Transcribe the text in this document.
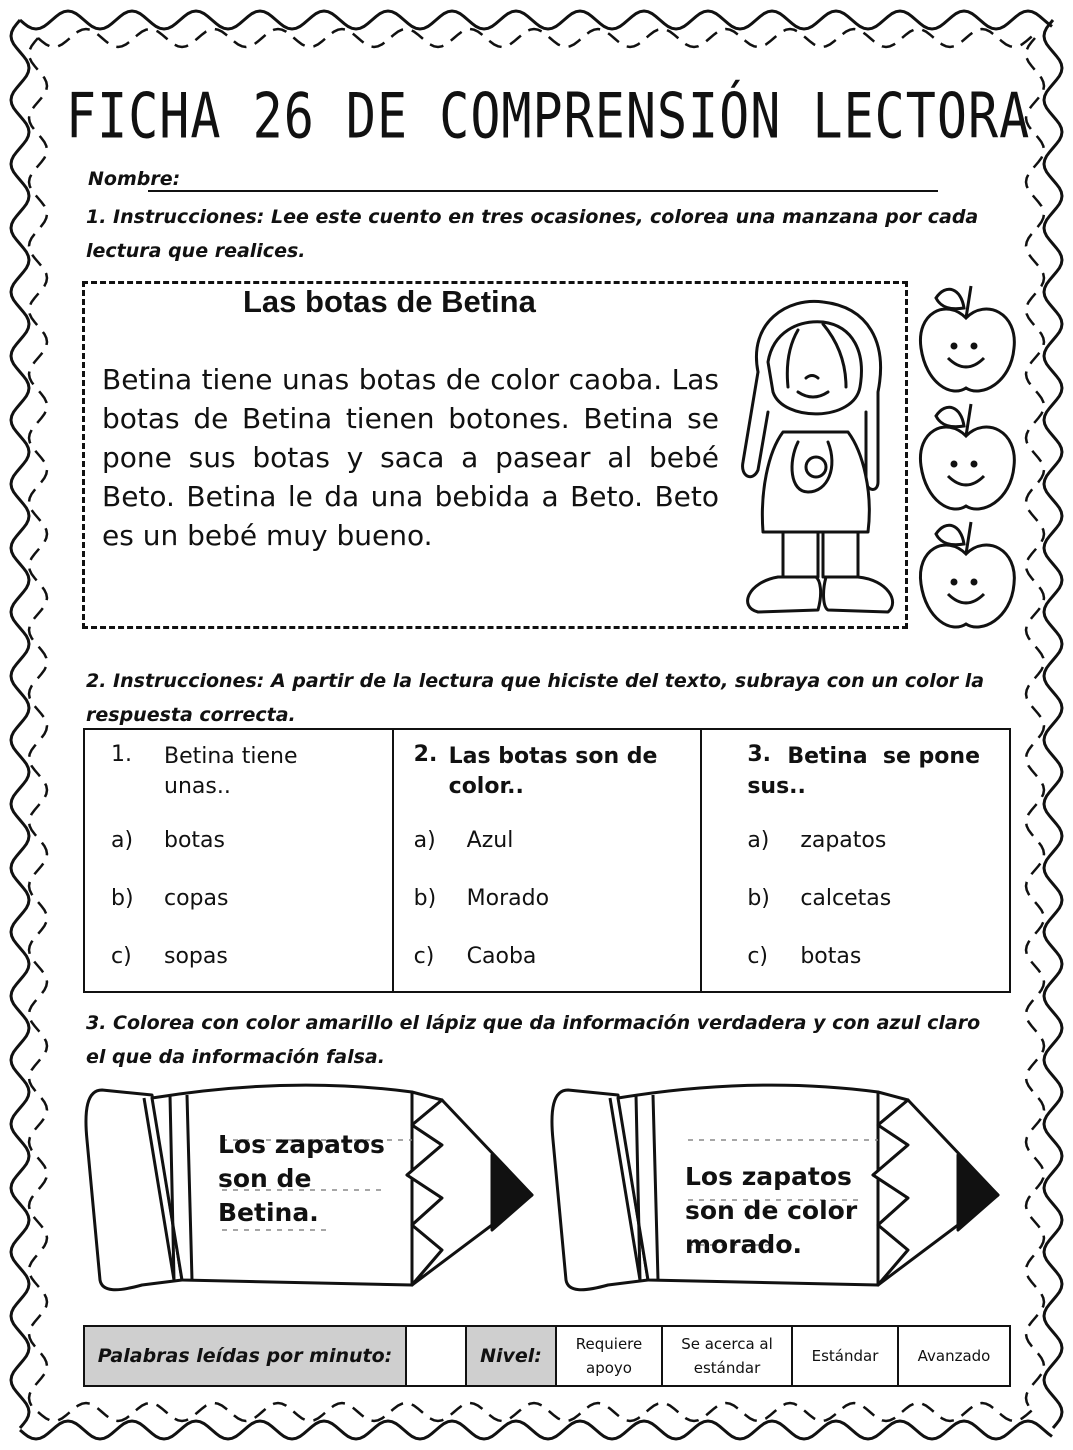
FICHA 26 DE COMPRENSIÓN LECTORA
Nombre:
1. Instrucciones: Lee este cuento en tres ocasiones, colorea una manzana por cada lectura que realices.
Las botas de Betina
Betina tiene unas botas de color caoba. Las botas de Betina tienen botones. Betina se pone sus botas y saca a pasear al bebé Beto. Betina le da una bebida a Beto. Beto es un bebé muy bueno.
2. Instrucciones: A partir de la lectura que hiciste del texto, subraya con un color la respuesta correcta.
1. Betina tiene unas..
a) botas
b) copas
c) sopas

2. Las botas son de color..
a) Azul
b) Morado
c) Caoba

3. Betina  se pone sus..
a) zapatos
b) calcetas
c) botas
3. Colorea con color amarillo el lápiz que da información verdadera y con azul claro el que da información falsa.
Los zapatos son de Betina.
Los zapatos son de color morado.
Palabras leídas por minuto:		Nivel:	Requiere apoyo	Se acerca al estándar	Estándar	Avanzado
